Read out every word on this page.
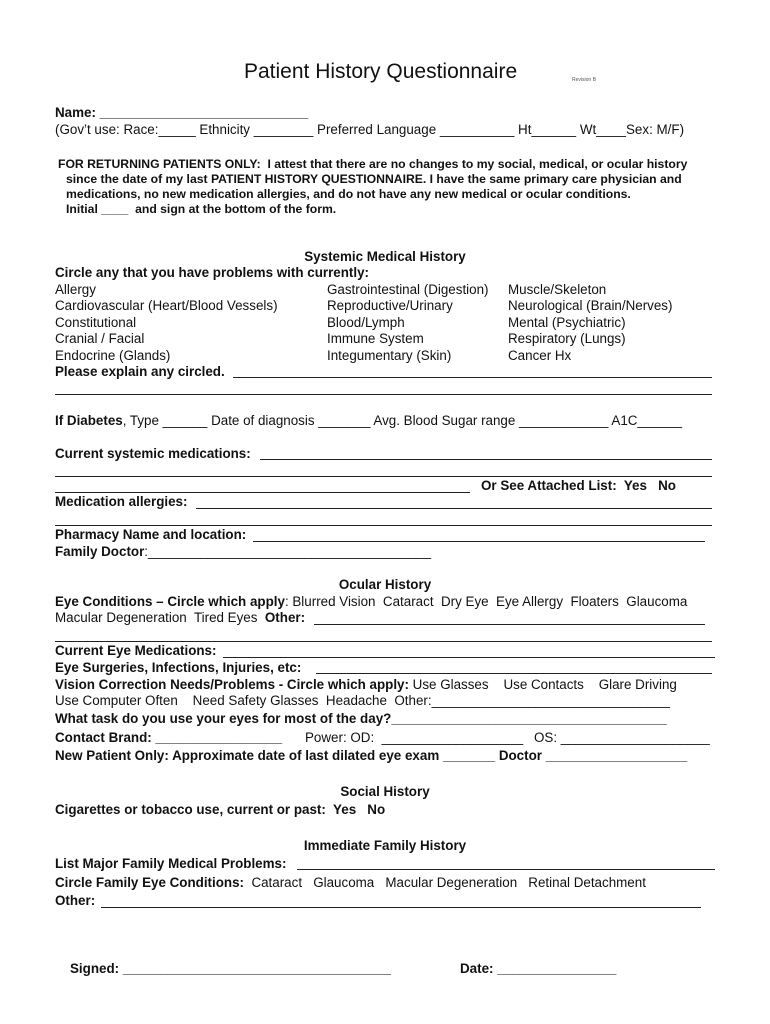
Patient History Questionnaire	Revision B
Name: ____________________________
(Gov’t use: Race:_____ Ethnicity ________ Preferred Language __________ Ht______ Wt____Sex: M/F)
FOR RETURNING PATIENTS ONLY:  I attest that there are no changes to my social, medical, or ocular history
since the date of my last PATIENT HISTORY QUESTIONNAIRE. I have the same primary care physician and
medications, no new medication allergies, and do not have any new medical or ocular conditions.
Initial ____  and sign at the bottom of the form.
Systemic Medical History
Circle any that you have problems with currently:
Allergy
Cardiovascular (Heart/Blood Vessels)
Constitutional
Cranial / Facial
Endocrine (Glands)
Gastrointestinal (Digestion)
Reproductive/Urinary
Blood/Lymph
Immune System
Integumentary (Skin)
Muscle/Skeleton
Neurological (Brain/Nerves)
Mental (Psychiatric)
Respiratory (Lungs)
Cancer Hx
Please explain any circled.
If Diabetes, Type ______ Date of diagnosis _______ Avg. Blood Sugar range ____________ A1C______
Current systemic medications:
Or See Attached List:  Yes   No
Medication allergies:
Pharmacy Name and location:
Family Doctor:______________________________________
Ocular History
Eye Conditions – Circle which apply: Blurred Vision  Cataract  Dry Eye  Eye Allergy  Floaters  Glaucoma
Macular Degeneration  Tired Eyes  Other:
Current Eye Medications:
Eye Surgeries, Infections, Injuries, etc:
Vision Correction Needs/Problems - Circle which apply: Use Glasses    Use Contacts    Glare Driving
Use Computer Often    Need Safety Glasses  Headache  Other:________________________________
What task do you use your eyes for most of the day?_____________________________________
Contact Brand: _________________ Power: OD:  ___________________ OS: ____________________
New Patient Only: Approximate date of last dilated eye exam _______ Doctor ___________________
Social History
Cigarettes or tobacco use, current or past:  Yes   No
Immediate Family History
List Major Family Medical Problems:
Circle Family Eye Conditions:  Cataract   Glaucoma   Macular Degeneration   Retinal Detachment
Other:
Signed: ____________________________________	Date: ________________
